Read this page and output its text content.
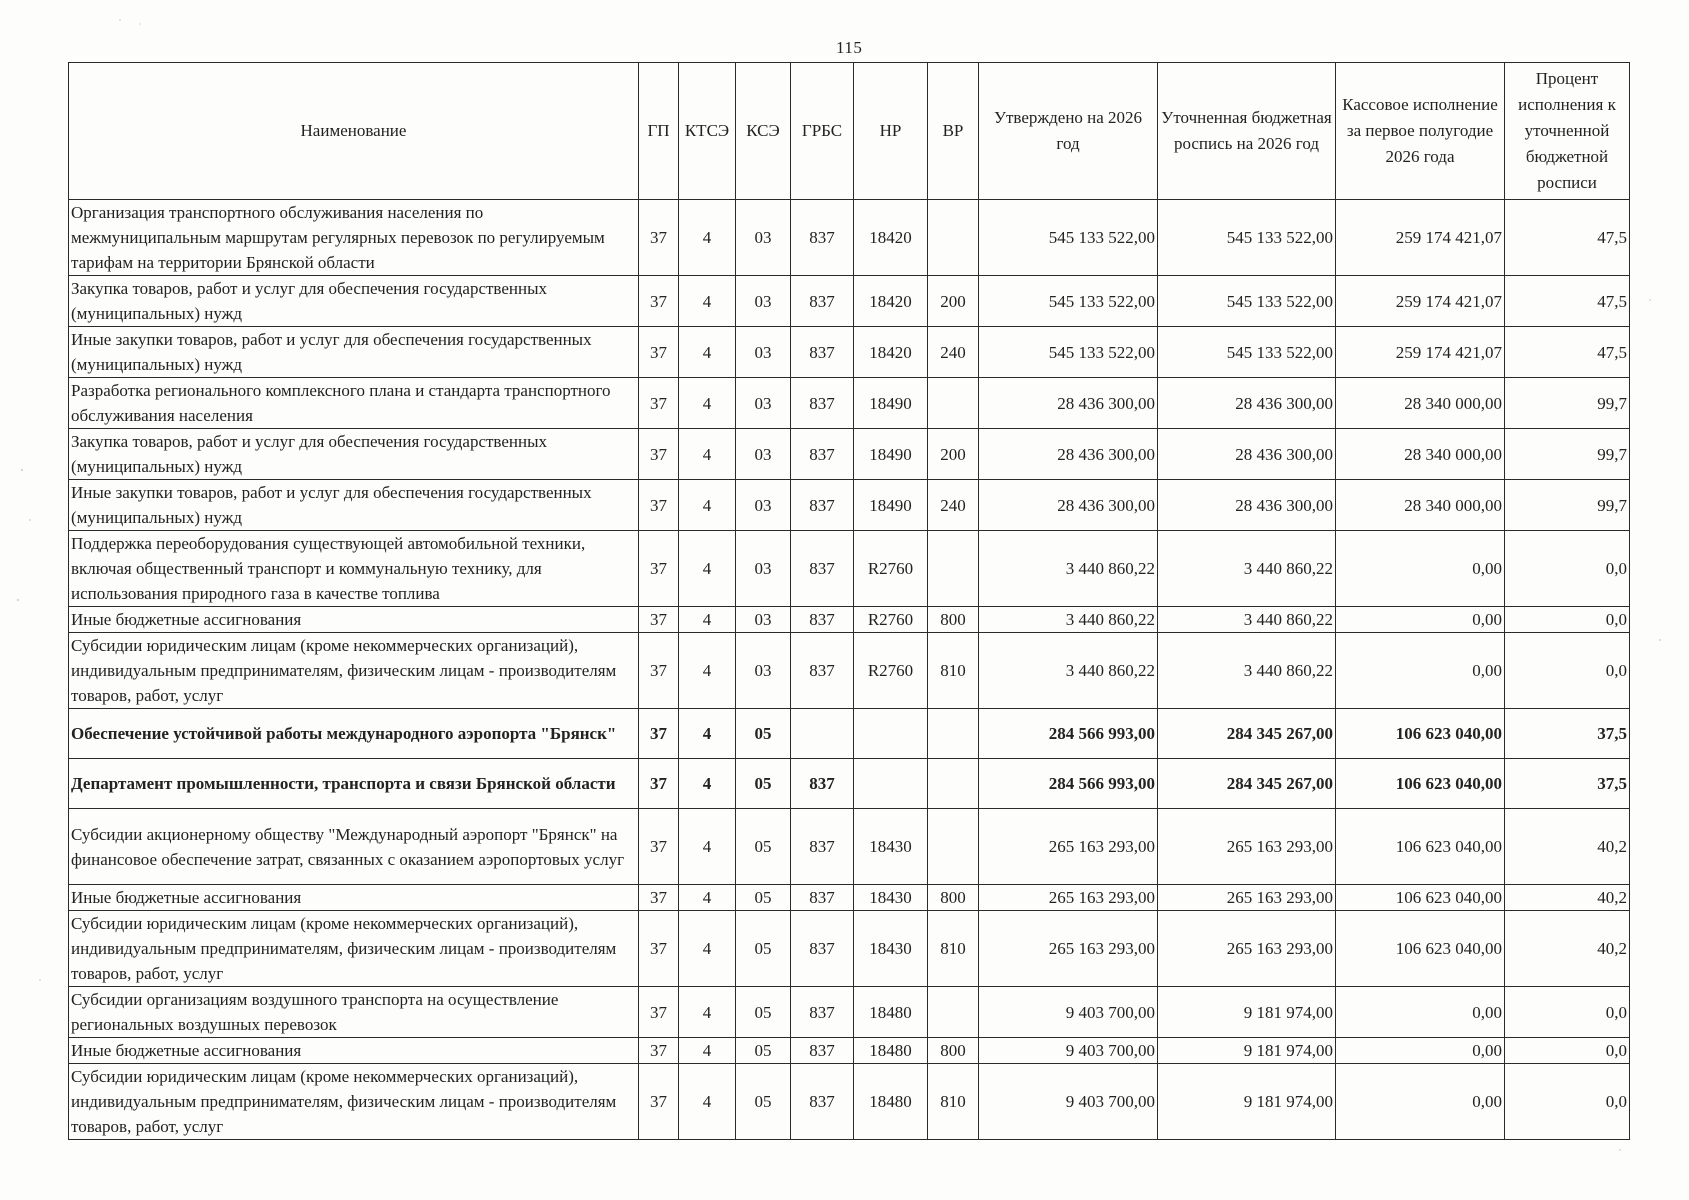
115
Наименование	ГП	КТСЭ	КСЭ	ГРБС	НР	ВР	Утверждено на 2026 год	Уточненная бюджетная роспись на 2026 год	Кассовое исполнение за первое полугодие 2026 года	Процент исполнения к уточненной бюджетной росписи
Организация транспортного обслуживания населения по межмуниципальным маршрутам регулярных перевозок по регулируемым тарифам на территории Брянской области	37	4	03	837	18420		545 133 522,00	545 133 522,00	259 174 421,07	47,5
Закупка товаров, работ и услуг для обеспечения государственных (муниципальных) нужд	37	4	03	837	18420	200	545 133 522,00	545 133 522,00	259 174 421,07	47,5
Иные закупки товаров, работ и услуг для обеспечения государственных (муниципальных) нужд	37	4	03	837	18420	240	545 133 522,00	545 133 522,00	259 174 421,07	47,5
Разработка регионального комплексного плана и стандарта транспортного обслуживания населения	37	4	03	837	18490		28 436 300,00	28 436 300,00	28 340 000,00	99,7
Закупка товаров, работ и услуг для обеспечения государственных (муниципальных) нужд	37	4	03	837	18490	200	28 436 300,00	28 436 300,00	28 340 000,00	99,7
Иные закупки товаров, работ и услуг для обеспечения государственных (муниципальных) нужд	37	4	03	837	18490	240	28 436 300,00	28 436 300,00	28 340 000,00	99,7
Поддержка переоборудования существующей автомобильной техники, включая общественный транспорт и коммунальную технику, для использования природного газа в качестве топлива	37	4	03	837	R2760		3 440 860,22	3 440 860,22	0,00	0,0
Иные бюджетные ассигнования	37	4	03	837	R2760	800	3 440 860,22	3 440 860,22	0,00	0,0
Субсидии юридическим лицам (кроме некоммерческих организаций), индивидуальным предпринимателям, физическим лицам - производителям товаров, работ, услуг	37	4	03	837	R2760	810	3 440 860,22	3 440 860,22	0,00	0,0
Обеспечение устойчивой работы международного аэропорта "Брянск"	37	4	05				284 566 993,00	284 345 267,00	106 623 040,00	37,5
Департамент промышленности, транспорта и связи Брянской области	37	4	05	837			284 566 993,00	284 345 267,00	106 623 040,00	37,5
Субсидии акционерному обществу "Международный аэропорт "Брянск" на финансовое обеспечение затрат, связанных с оказанием аэропортовых услуг	37	4	05	837	18430		265 163 293,00	265 163 293,00	106 623 040,00	40,2
Иные бюджетные ассигнования	37	4	05	837	18430	800	265 163 293,00	265 163 293,00	106 623 040,00	40,2
Субсидии юридическим лицам (кроме некоммерческих организаций), индивидуальным предпринимателям, физическим лицам - производителям товаров, работ, услуг	37	4	05	837	18430	810	265 163 293,00	265 163 293,00	106 623 040,00	40,2
Субсидии организациям воздушного транспорта на осуществление региональных воздушных перевозок	37	4	05	837	18480		9 403 700,00	9 181 974,00	0,00	0,0
Иные бюджетные ассигнования	37	4	05	837	18480	800	9 403 700,00	9 181 974,00	0,00	0,0
Субсидии юридическим лицам (кроме некоммерческих организаций), индивидуальным предпринимателям, физическим лицам - производителям товаров, работ, услуг	37	4	05	837	18480	810	9 403 700,00	9 181 974,00	0,00	0,0
